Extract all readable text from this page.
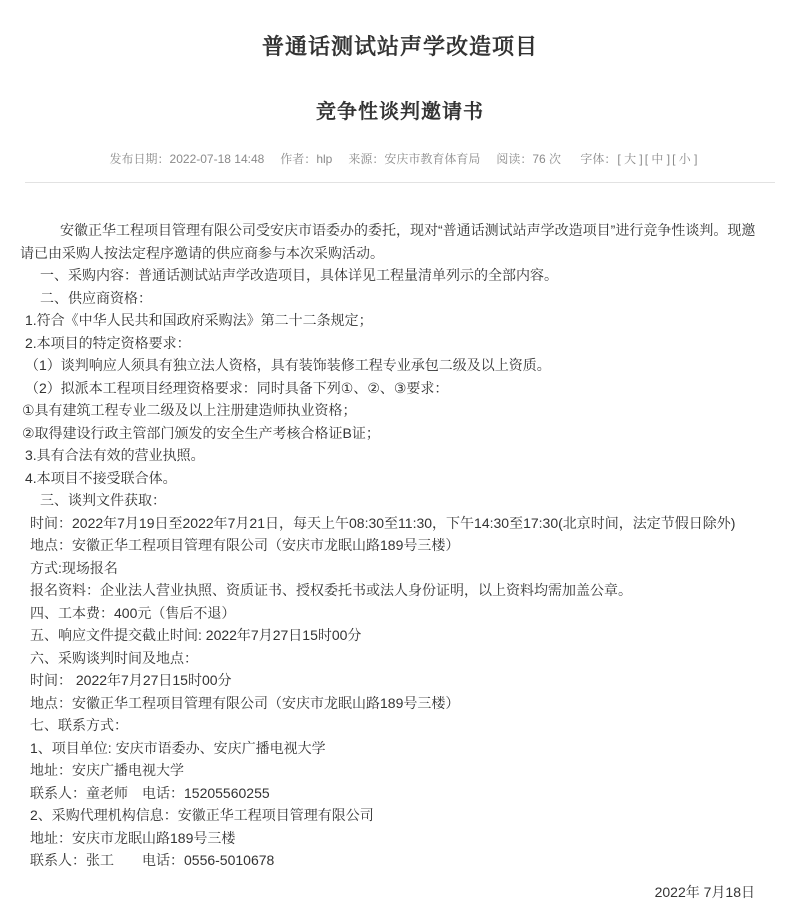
普通话测试站声学改造项目
竞争性谈判邀请书
发布日期：2022-07-18 14:48 作者：hlp 来源：安庆市教育体育局 阅读：76 次 字体：[ 大 ] [ 中 ] [ 小 ]

安徽正华工程项目管理有限公司受安庆市语委办的委托，现对“普通话测试站声学改造项目”进行竞争性谈判。现邀请已由采购人按法定程序邀请的供应商参与本次采购活动。

一、采购内容：普通话测试站声学改造项目，具体详见工程量清单列示的全部内容。

二、供应商资格：

1.符合《中华人民共和国政府采购法》第二十二条规定；

2.本项目的特定资格要求：

（1）谈判响应人须具有独立法人资格，具有装饰装修工程专业承包二级及以上资质。

（2）拟派本工程项目经理资格要求：同时具备下列①、②、③要求：

①具有建筑工程专业二级及以上注册建造师执业资格；

②取得建设行政主管部门颁发的安全生产考核合格证B证；

3.具有合法有效的营业执照。

4.本项目不接受联合体。

三、谈判文件获取：

时间：2022年7月19日至2022年7月21日，每天上午08:30至11:30，下午14:30至17:30(北京时间，法定节假日除外)

地点：安徽正华工程项目管理有限公司（安庆市龙眠山路189号三楼）

方式:现场报名

报名资料：企业法人营业执照、资质证书、授权委托书或法人身份证明，以上资料均需加盖公章。

四、工本费：400元（售后不退）

五、响应文件提交截止时间: 2022年7月27日15时00分

六、采购谈判时间及地点：

时间： 2022年7月27日15时00分

地点：安徽正华工程项目管理有限公司（安庆市龙眠山路189号三楼）

七、联系方式：

1、项目单位: 安庆市语委办、安庆广播电视大学

地址：安庆广播电视大学

联系人：童老师　电话：15205560255

2、采购代理机构信息：安徽正华工程项目管理有限公司

地址：安庆市龙眠山路189号三楼

联系人：张工　　电话：0556-5010678

2022年 7月18日
